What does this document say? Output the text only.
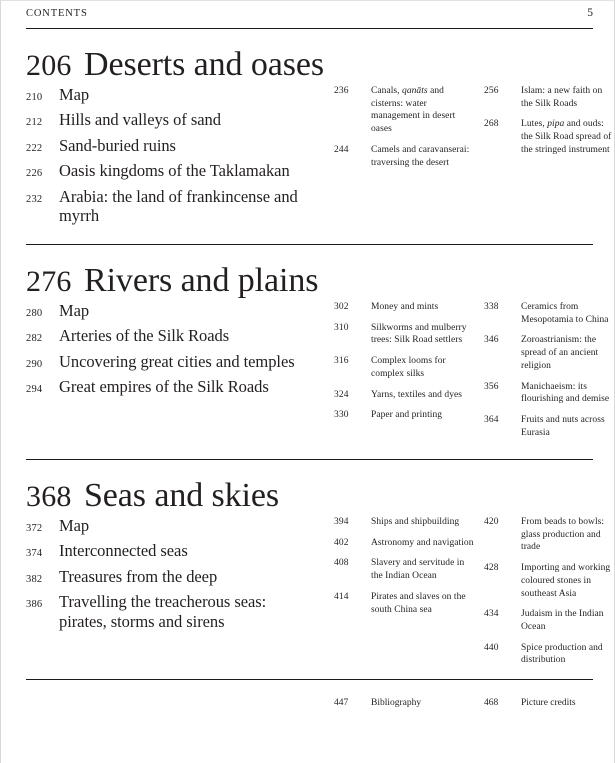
CONTENTS	5
206 Deserts and oases
210	Map
212	Hills and valleys of sand
222	Sand-buried ruins
226	Oasis kingdoms of the Taklamakan
232	Arabia: the land of frankincense and myrrh
236	Canals, qanāts and cisterns: water management in desert oases
244	Camels and caravanserai: traversing the desert
256	Islam: a new faith on the Silk Roads
268	Lutes, pipa and ouds: the Silk Road spread of the stringed instrument
276 Rivers and plains
280	Map
282	Arteries of the Silk Roads
290	Uncovering great cities and temples
294	Great empires of the Silk Roads
302	Money and mints
310	Silkworms and mulberry trees: Silk Road settlers
316	Complex looms for complex silks
324	Yarns, textiles and dyes
330	Paper and printing
338	Ceramics from Mesopotamia to China
346	Zoroastrianism: the spread of an ancient religion
356	Manichaeism: its flourishing and demise
364	Fruits and nuts across Eurasia
368 Seas and skies
372	Map
374	Interconnected seas
382	Treasures from the deep
386	Travelling the treacherous seas: pirates, storms and sirens
394	Ships and shipbuilding
402	Astronomy and navigation
408	Slavery and servitude in the Indian Ocean
414	Pirates and slaves on the south China sea
420	From beads to bowls: glass production and trade
428	Importing and working coloured stones in southeast Asia
434	Judaism in the Indian Ocean
440	Spice production and distribution
447	Bibliography	468	Picture credits
